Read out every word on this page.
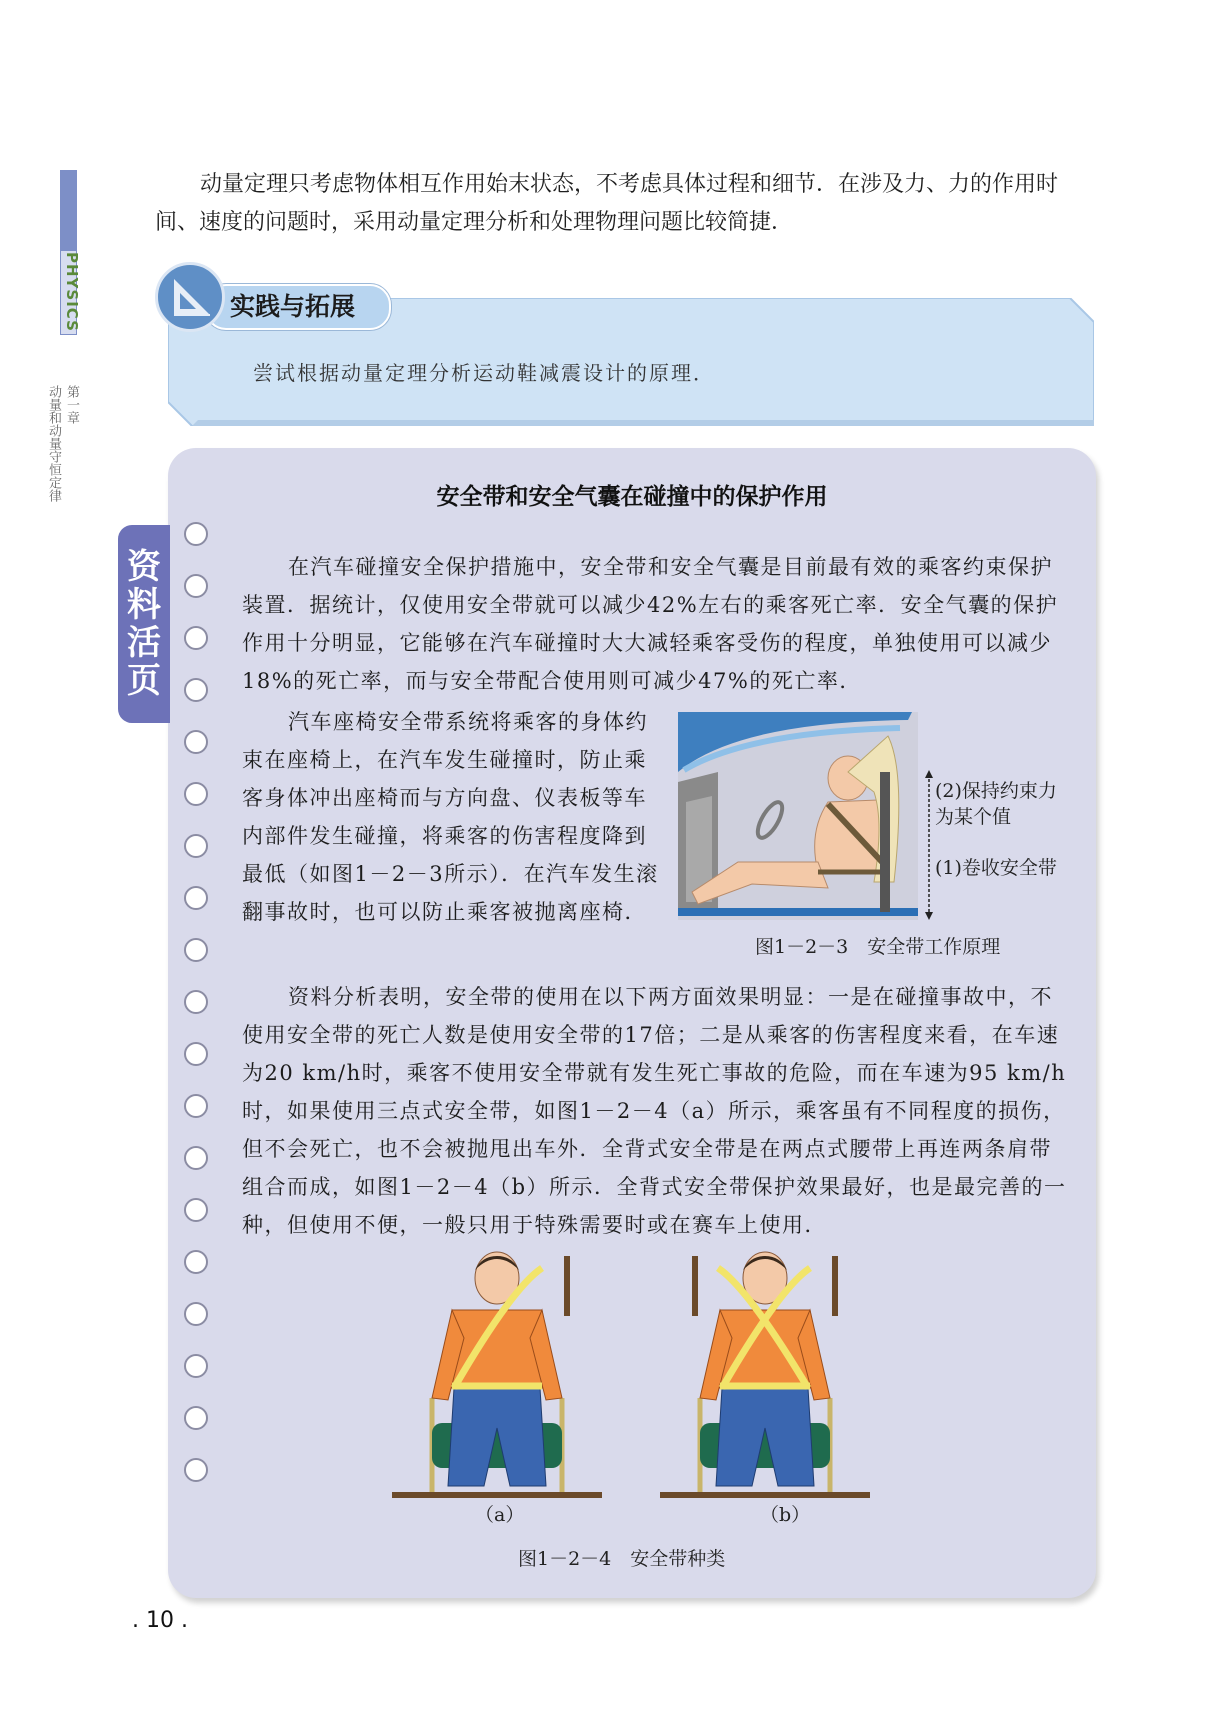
PHYSICS
第一章
动量和动量守恒定律
动量定理只考虑物体相互作用始末状态，不考虑具体过程和细节．在涉及力、力的作用时间、速度的问题时，采用动量定理分析和处理物理问题比较简捷．
实践与拓展
尝试根据动量定理分析运动鞋减震设计的原理．
资料活页
安全带和安全气囊在碰撞中的保护作用
在汽车碰撞安全保护措施中，安全带和安全气囊是目前最有效的乘客约束保护装置．据统计，仅使用安全带就可以减少42%左右的乘客死亡率．安全气囊的保护作用十分明显，它能够在汽车碰撞时大大减轻乘客受伤的程度，单独使用可以减少18%的死亡率，而与安全带配合使用则可减少47%的死亡率．
汽车座椅安全带系统将乘客的身体约束在座椅上，在汽车发生碰撞时，防止乘客身体冲出座椅而与方向盘、仪表板等车内部件发生碰撞，将乘客的伤害程度降到最低（如图1－2－3所示）．在汽车发生滚翻事故时，也可以防止乘客被抛离座椅．
(2)保持约束力为某个值
(1)卷收安全带
图1－2－3　安全带工作原理
资料分析表明，安全带的使用在以下两方面效果明显：一是在碰撞事故中，不使用安全带的死亡人数是使用安全带的17倍；二是从乘客的伤害程度来看，在车速为20 km/h时，乘客不使用安全带就有发生死亡事故的危险，而在车速为95 km/h时，如果使用三点式安全带，如图1－2－4（a）所示，乘客虽有不同程度的损伤，但不会死亡，也不会被抛甩出车外．全背式安全带是在两点式腰带上再连两条肩带组合而成，如图1－2－4（b）所示．全背式安全带保护效果最好，也是最完善的一种，但使用不便，一般只用于特殊需要时或在赛车上使用．
（a）	（b）
图1－2－4　安全带种类
. 10 .
